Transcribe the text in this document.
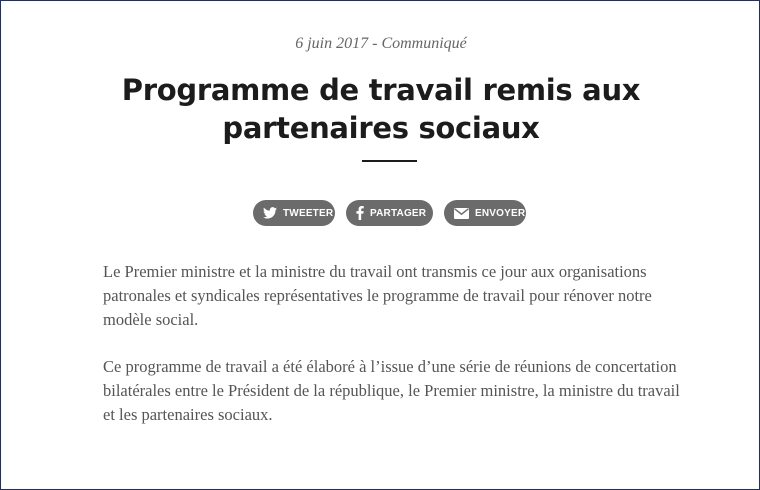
6 juin 2017 - Communiqué
Programme de travail remis aux partenaires sociaux
TWEETER	PARTAGER	ENVOYER

Le Premier ministre et la ministre du travail ont transmis ce jour aux organisations patronales et syndicales représentatives le programme de travail pour rénover notre modèle social.

Ce programme de travail a été élaboré à l’issue d’une série de réunions de concertation bilatérales entre le Président de la république, le Premier ministre, la ministre du travail et les partenaires sociaux.
